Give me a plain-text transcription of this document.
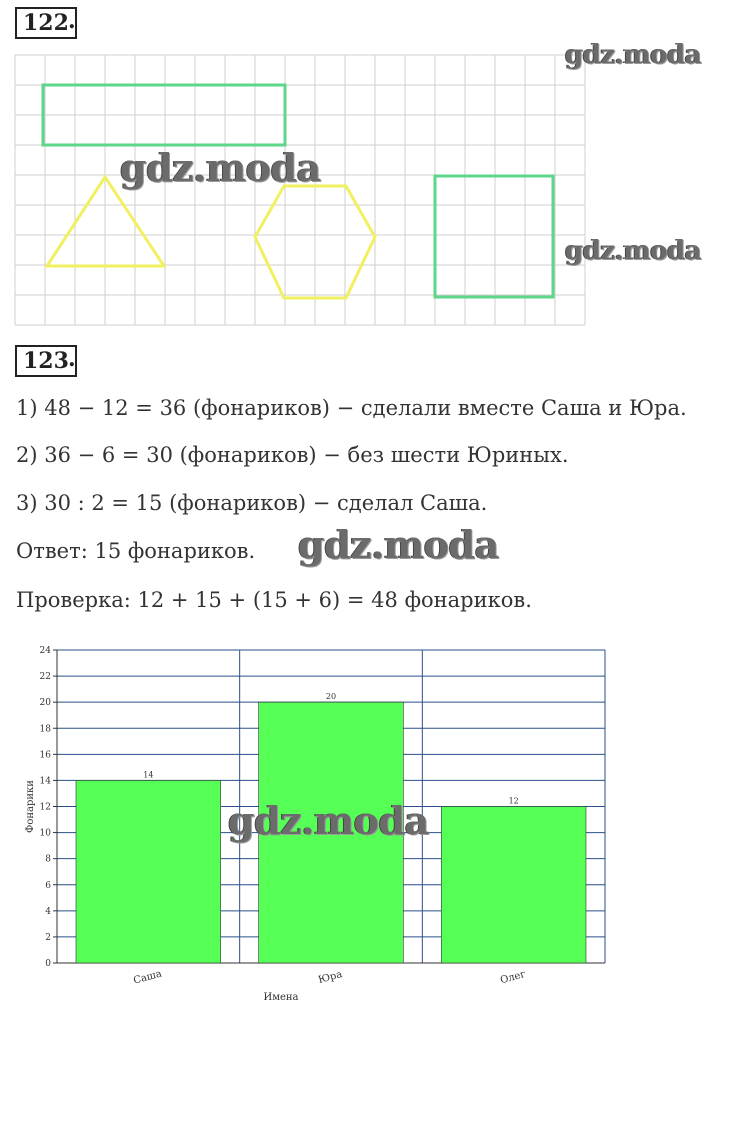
122 .
gdz.moda
gdz.moda
gdz.moda
123 .
1) 48 − 12 = 36 (фонариков) − сделали вместе Саша и Юра.
2) 36 − 6 = 30 (фонариков) − без шести Юриных.
3) 30 : 2 = 15 (фонариков) − сделал Саша.
Ответ: 15 фонариков. gdz.moda
Проверка: 12 + 15 + (15 + 6) = 48 фонариков.
14
20
12
0
2
4
6
8
10
12
14
16
18
20
22
24
Саша	Юра	Олег
Фонарики
Имена
gdz.moda
